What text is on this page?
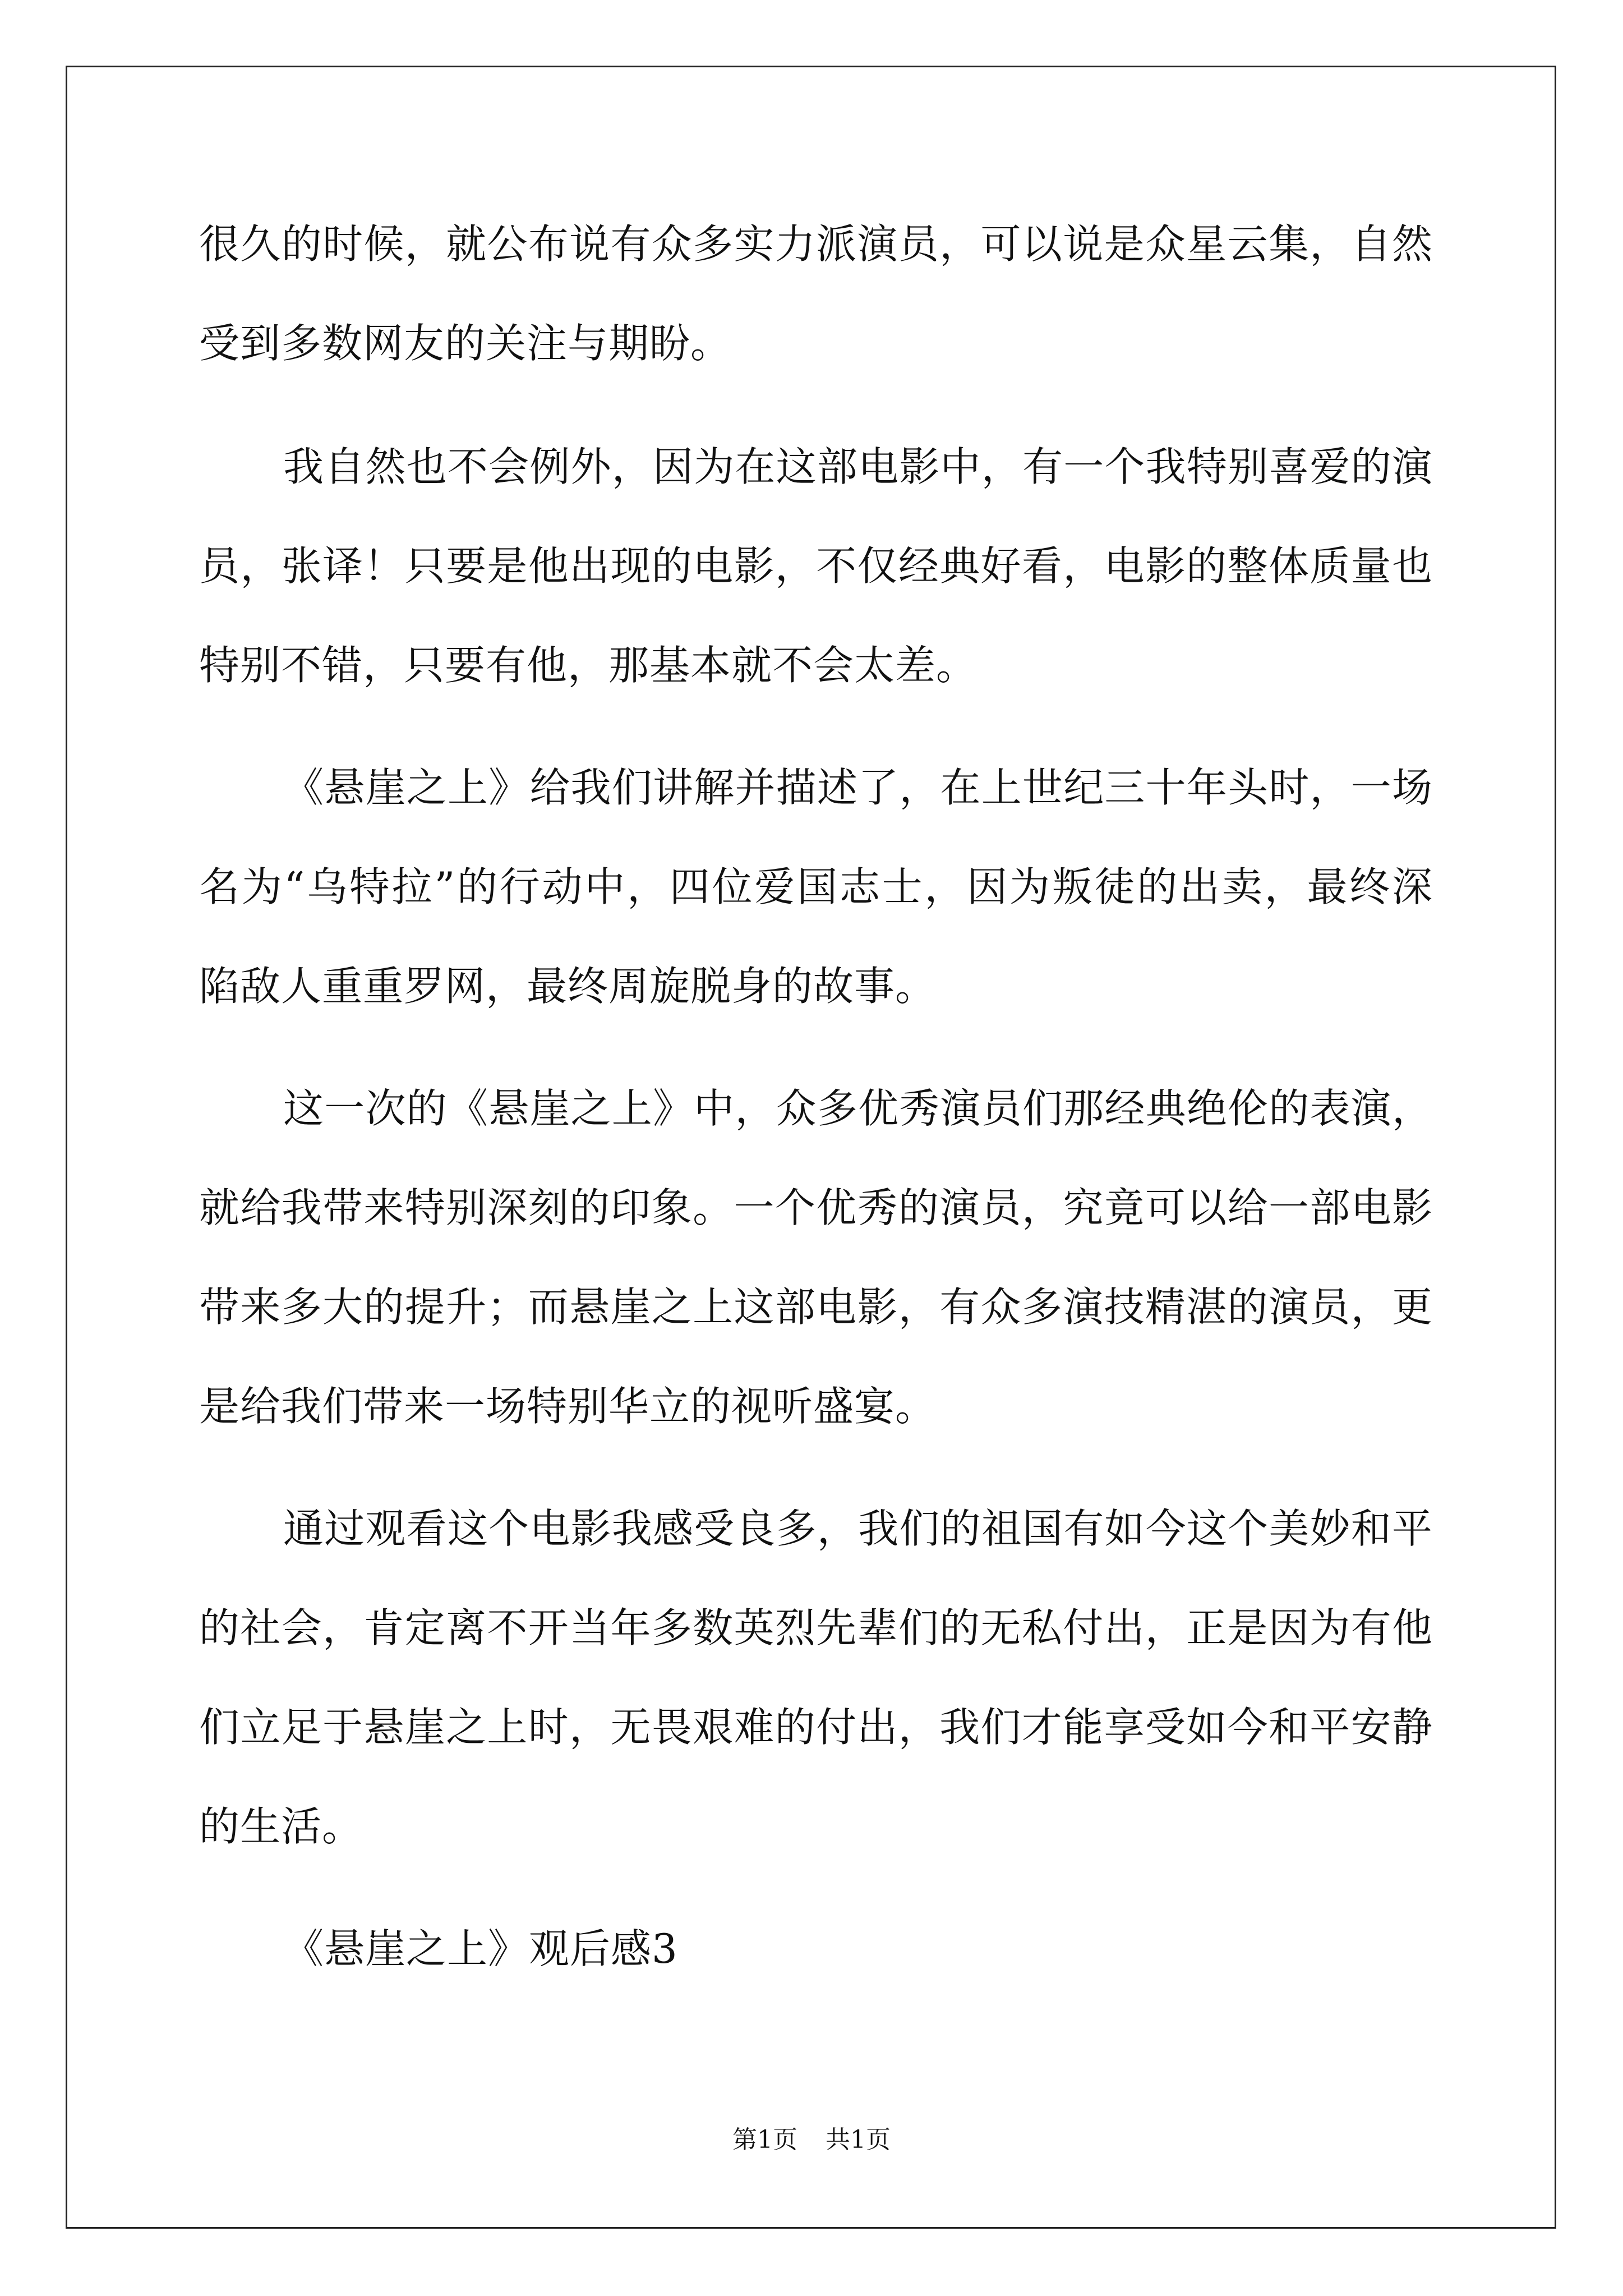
很久的时候，就公布说有众多实力派演员，可以说是众星云集，自然
受到多数网友的关注与期盼。
我自然也不会例外，因为在这部电影中，有一个我特别喜爱的演
员，张译！只要是他出现的电影，不仅经典好看，电影的整体质量也
特别不错，只要有他，那基本就不会太差。
《悬崖之上》给我们讲解并描述了，在上世纪三十年头时，一场
名为“乌特拉”的行动中，四位爱国志士，因为叛徒的出卖，最终深
陷敌人重重罗网，最终周旋脱身的故事。
这一次的《悬崖之上》中，众多优秀演员们那经典绝伦的表演，
就给我带来特别深刻的印象。一个优秀的演员，究竟可以给一部电影
带来多大的提升；而悬崖之上这部电影，有众多演技精湛的演员，更
是给我们带来一场特别华立的视听盛宴。
通过观看这个电影我感受良多，我们的祖国有如今这个美妙和平
的社会，肯定离不开当年多数英烈先辈们的无私付出，正是因为有他
们立足于悬崖之上时，无畏艰难的付出，我们才能享受如今和平安静
的生活。
《悬崖之上》观后感3
第1页 共1页
